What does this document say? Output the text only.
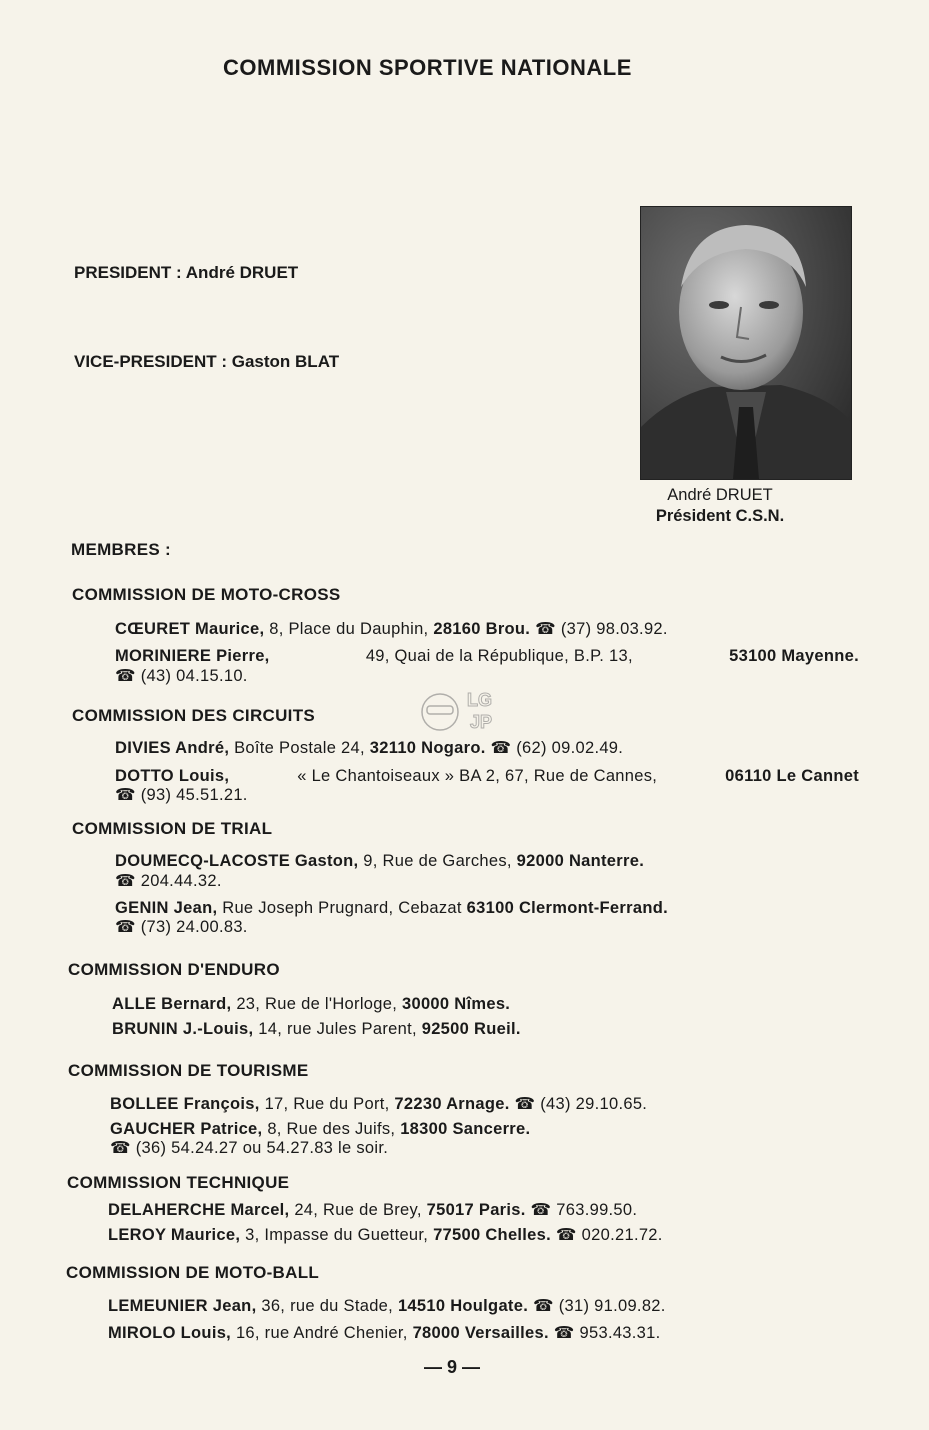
COMMISSION SPORTIVE NATIONALE
PRESIDENT : André DRUET
VICE-PRESIDENT : Gaston BLAT
André DRUET
Président C.S.N.
MEMBRES :
COMMISSION DE MOTO-CROSS
CŒURET Maurice, 8, Place du Dauphin, 28160 Brou. ☎ (37) 98.03.92.
MORINIERE Pierre,	49, Quai de la République, B.P. 13,	53100 Mayenne.
☎ (43) 04.15.10.
COMMISSION DES CIRCUITS
DIVIES André, Boîte Postale 24, 32110 Nogaro. ☎ (62) 09.02.49.
DOTTO Louis,	« Le Chantoiseaux » BA 2, 67, Rue de Cannes,	06110 Le Cannet
☎ (93) 45.51.21.
LG
JP
COMMISSION DE TRIAL
DOUMECQ-LACOSTE Gaston, 9, Rue de Garches, 92000 Nanterre.
☎ 204.44.32.
GENIN Jean, Rue Joseph Prugnard, Cebazat 63100 Clermont-Ferrand.
☎ (73) 24.00.83.
COMMISSION D'ENDURO
ALLE Bernard, 23, Rue de l'Horloge, 30000 Nîmes.
BRUNIN J.-Louis, 14, rue Jules Parent, 92500 Rueil.
COMMISSION DE TOURISME
BOLLEE François, 17, Rue du Port, 72230 Arnage. ☎ (43) 29.10.65.
GAUCHER Patrice, 8, Rue des Juifs, 18300 Sancerre.
☎ (36) 54.24.27 ou 54.27.83 le soir.
COMMISSION TECHNIQUE
DELAHERCHE Marcel, 24, Rue de Brey, 75017 Paris. ☎ 763.99.50.
LEROY Maurice, 3, Impasse du Guetteur, 77500 Chelles. ☎ 020.21.72.
COMMISSION DE MOTO-BALL
LEMEUNIER Jean, 36, rue du Stade, 14510 Houlgate. ☎ (31) 91.09.82.
MIROLO Louis, 16, rue André Chenier, 78000 Versailles. ☎ 953.43.31.
— 9 —
